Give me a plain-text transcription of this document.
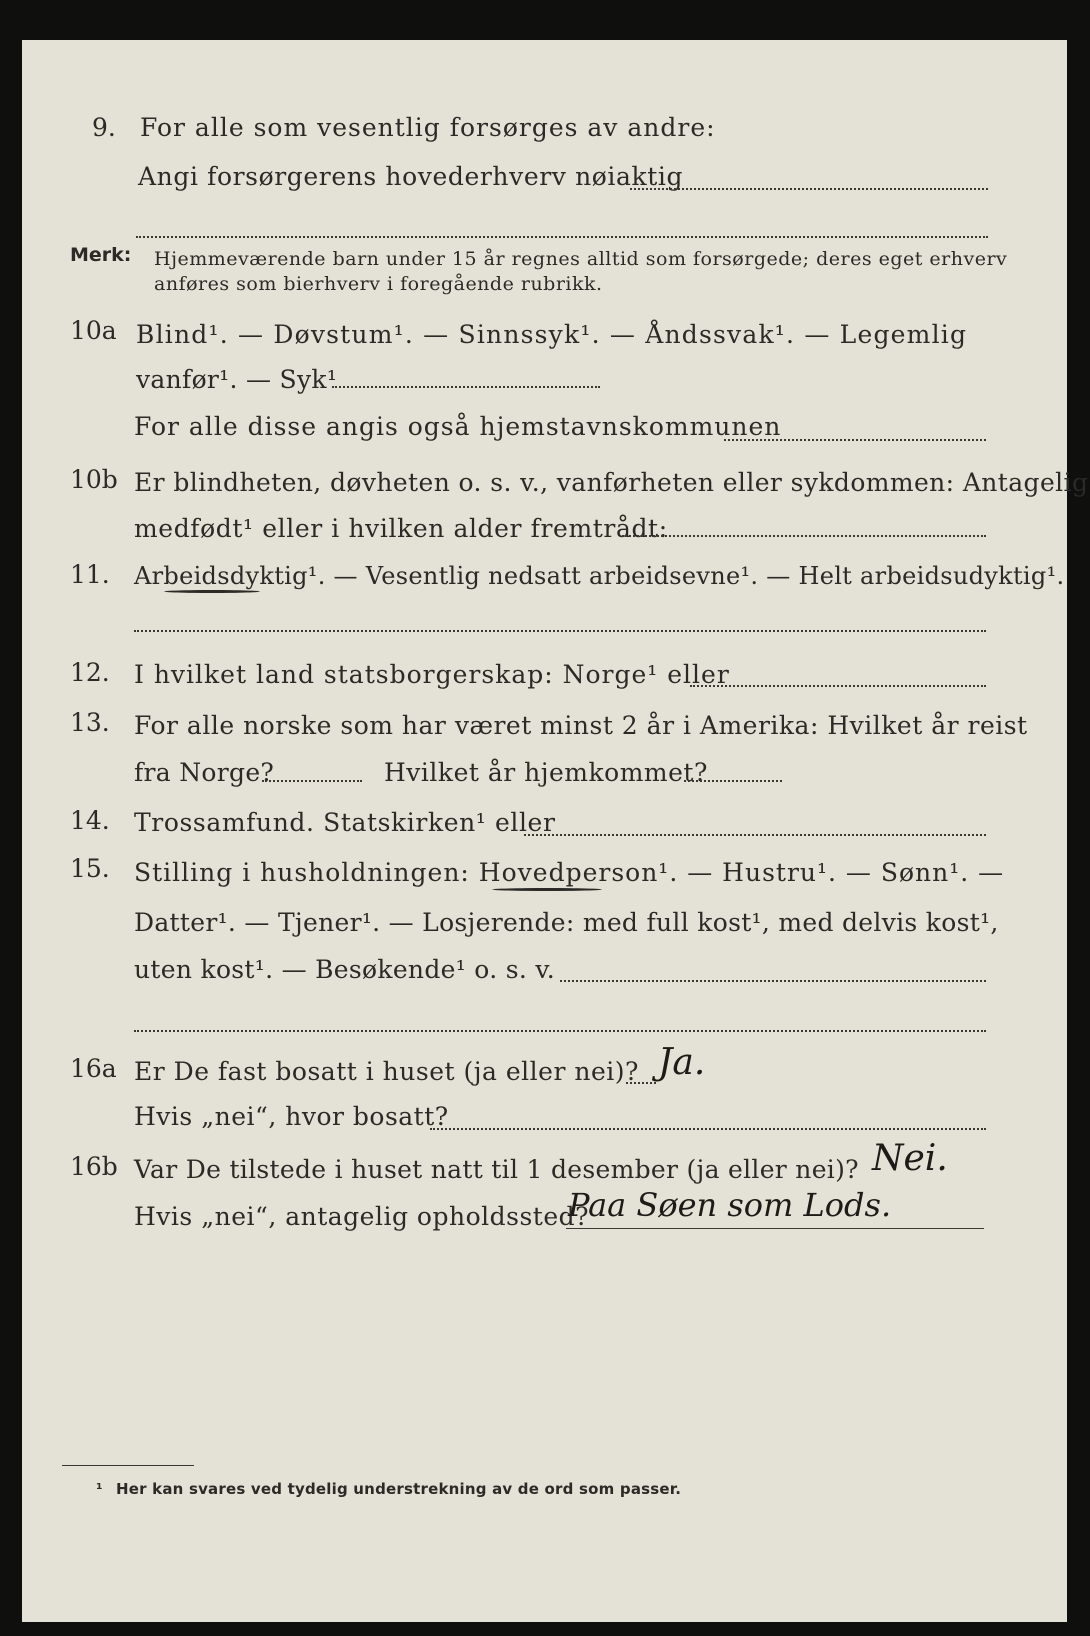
9. For alle som vesentlig forsørges av andre:
Angi forsørgerens hovederhverv nøiaktig
Merk: Hjemmeværende barn under 15 år regnes alltid som forsørgede; deres eget erhverv
anføres som bierhverv i foregående rubrikk.
10a Blind¹. — Døvstum¹. — Sinnssyk¹. — Åndssvak¹. — Legemlig
vanfør¹. — Syk¹
For alle disse angis også hjemstavnskommunen
10b Er blindheten, døvheten o. s. v., vanførheten eller sykdommen: Antagelig
medfødt¹ eller i hvilken alder fremtrådt:
11. Arbeidsdyktig¹. — Vesentlig nedsatt arbeidsevne¹. — Helt arbeidsudyktig¹.
12. I hvilket land statsborgerskap: Norge¹ eller
13. For alle norske som har været minst 2 år i Amerika: Hvilket år reist
fra Norge?	Hvilket år hjemkommet?
14. Trossamfund. Statskirken¹ eller
15. Stilling i husholdningen: Hovedperson¹. — Hustru¹. — Sønn¹. —
Datter¹. — Tjener¹. — Losjerende: med full kost¹, med delvis kost¹,
uten kost¹. — Besøkende¹ o. s. v.
16a Er De fast bosatt i huset (ja eller nei)? Ja.
Hvis „nei“, hvor bosatt?
16b Var De tilstede i huset natt til 1 desember (ja eller nei)? Nei.
Hvis „nei“, antagelig opholdssted?
Paa Søen som Lods.
¹ Her kan svares ved tydelig understrekning av de ord som passer.
